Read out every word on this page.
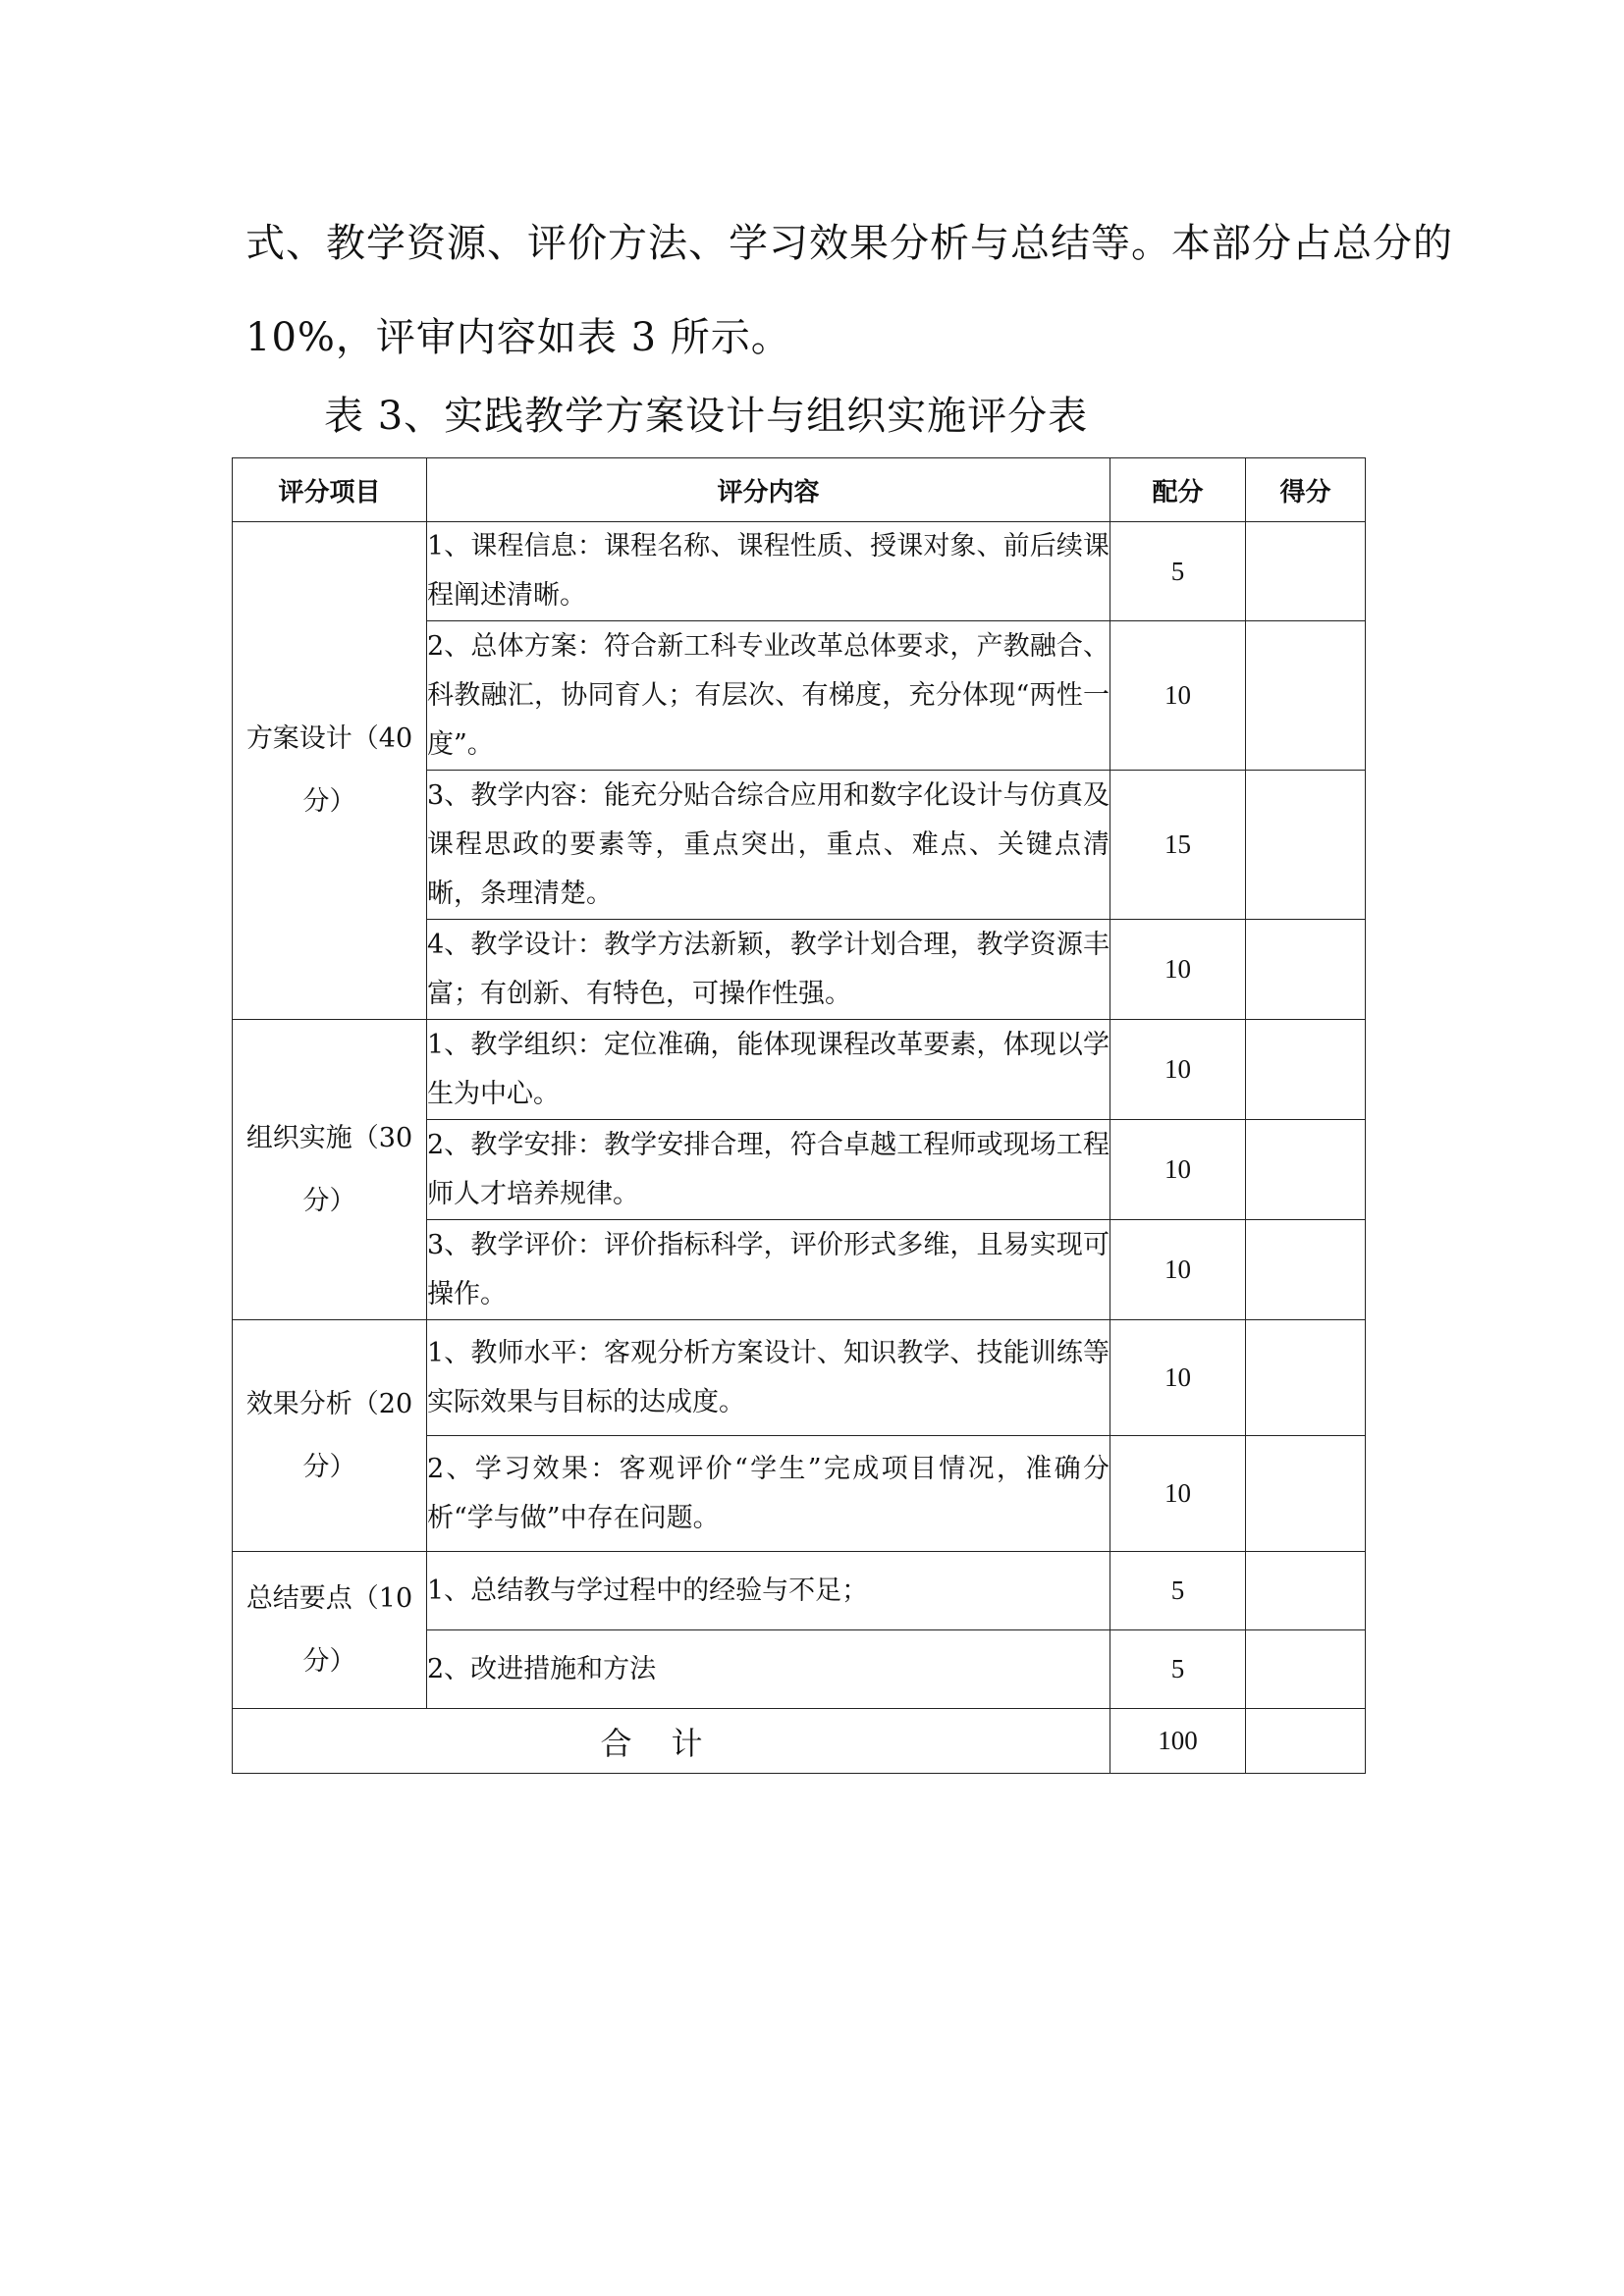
式、教学资源、评价方法、学习效果分析与总结等。本部分占总分的
10%，评审内容如表 3 所示。
表 3、实践教学方案设计与组织实施评分表
评分项目	评分内容	配分	得分
方案设计（40 分）	1、课程信息：课程名称、课程性质、授课对象、前后续课程阐述清晰。	5	
	2、总体方案：符合新工科专业改革总体要求，产教融合、科教融汇，协同育人；有层次、有梯度，充分体现“两性一度”。	10	
	3、教学内容：能充分贴合综合应用和数字化设计与仿真及课程思政的要素等，重点突出，重点、难点、关键点清晰，条理清楚。	15	
	4、教学设计：教学方法新颖，教学计划合理，教学资源丰富；有创新、有特色，可操作性强。	10	
组织实施（30 分）	1、教学组织：定位准确，能体现课程改革要素，体现以学生为中心。	10	
	2、教学安排：教学安排合理，符合卓越工程师或现场工程师人才培养规律。	10	
	3、教学评价：评价指标科学，评价形式多维，且易实现可操作。	10	
效果分析（20 分）	1、教师水平：客观分析方案设计、知识教学、技能训练等实际效果与目标的达成度。	10	
	2、学习效果：客观评价“学生”完成项目情况，准确分析“学与做”中存在问题。	10	
总结要点（10 分）	1、总结教与学过程中的经验与不足；	5	
	2、改进措施和方法	5	
合计		100	
